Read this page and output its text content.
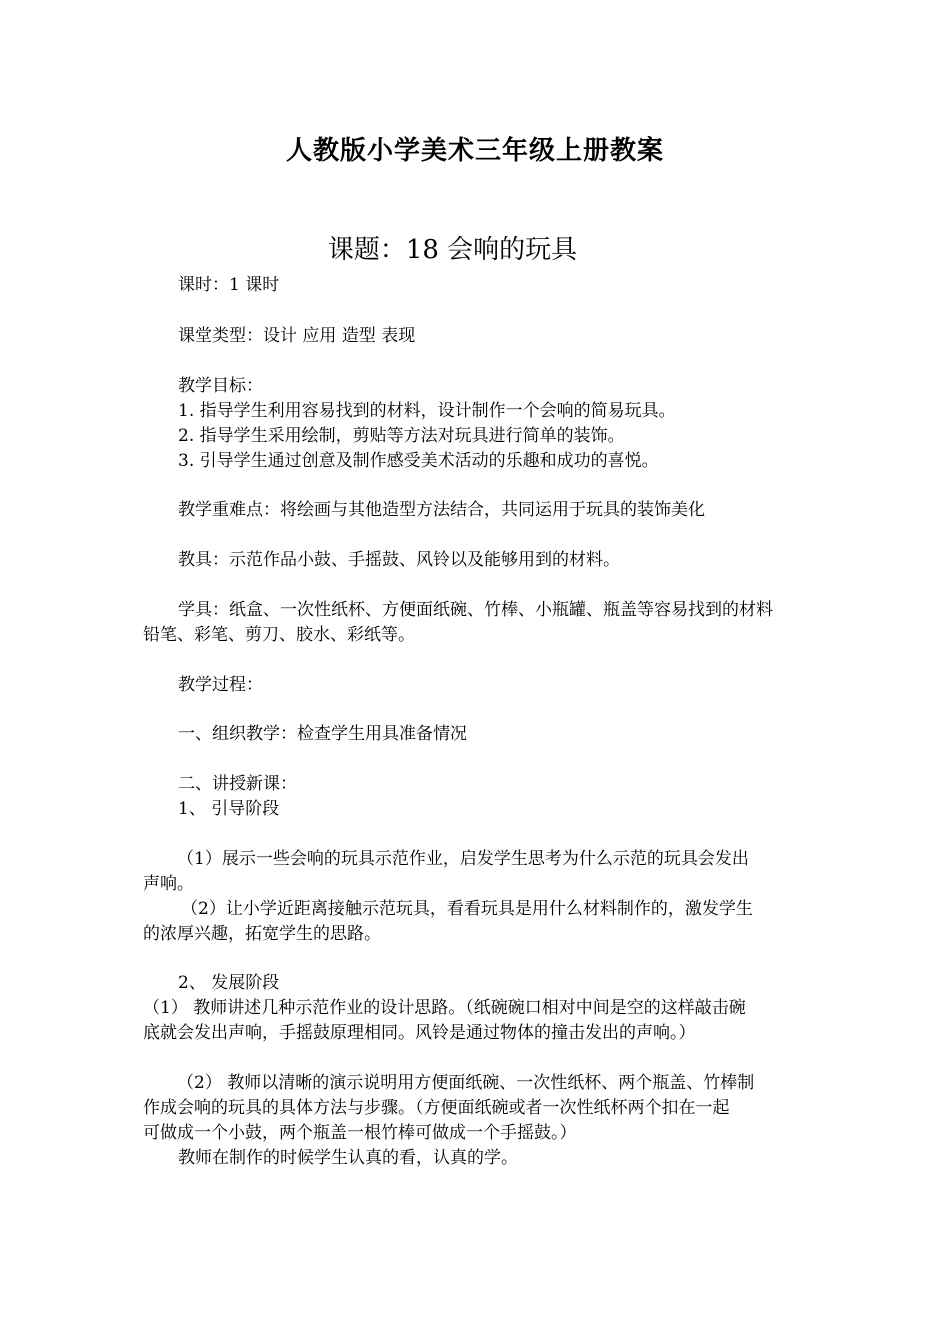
人教版小学美术三年级上册教案
课题：18 会响的玩具
课时：1 课时
课堂类型：设计 应用 造型 表现
教学目标：
1. 指导学生利用容易找到的材料，设计制作一个会响的简易玩具。
2. 指导学生采用绘制，剪贴等方法对玩具进行简单的装饰。
3. 引导学生通过创意及制作感受美术活动的乐趣和成功的喜悦。
教学重难点：将绘画与其他造型方法结合，共同运用于玩具的装饰美化
教具：示范作品小鼓、手摇鼓、风铃以及能够用到的材料。
学具：纸盒、一次性纸杯、方便面纸碗、竹棒、小瓶罐、瓶盖等容易找到的材料
铅笔、彩笔、剪刀、胶水、彩纸等。
教学过程：
一、组织教学：检查学生用具准备情况
二、讲授新课：
1、 引导阶段
（1）展示一些会响的玩具示范作业，启发学生思考为什么示范的玩具会发出
声响。
（2）让小学近距离接触示范玩具，看看玩具是用什么材料制作的，激发学生
的浓厚兴趣，拓宽学生的思路。
2、 发展阶段
（1） 教师讲述几种示范作业的设计思路。（纸碗碗口相对中间是空的这样敲击碗
底就会发出声响，手摇鼓原理相同。风铃是通过物体的撞击发出的声响。）
（2） 教师以清晰的演示说明用方便面纸碗、一次性纸杯、两个瓶盖、竹棒制
作成会响的玩具的具体方法与步骤。（方便面纸碗或者一次性纸杯两个扣在一起
可做成一个小鼓，两个瓶盖一根竹棒可做成一个手摇鼓。）
教师在制作的时候学生认真的看，认真的学。
